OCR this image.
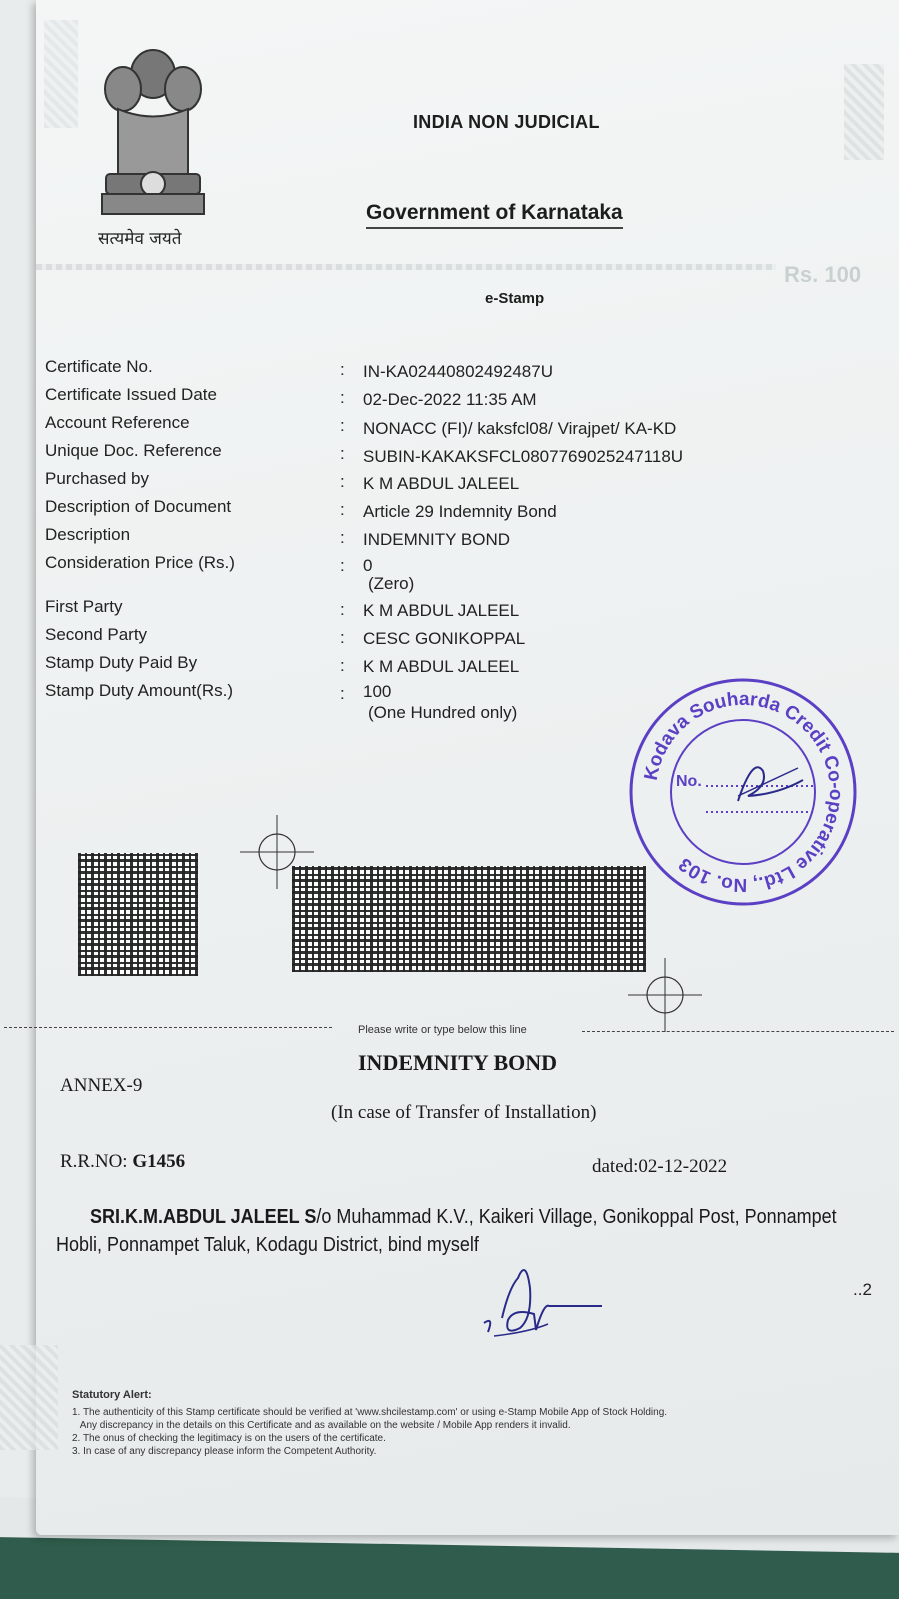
सत्यमेव जयते
INDIA NON JUDICIAL
Government of Karnataka
Rs. 100
e-Stamp
Certificate No.	: IN-KA02440802492487U
Certificate Issued Date	: 02-Dec-2022 11:35 AM
Account Reference	: NONACC (FI)/ kaksfcl08/ Virajpet/ KA-KD
Unique Doc. Reference	: SUBIN-KAKAKSFCL0807769025247118U
Purchased by	: K M ABDUL JALEEL
Description of Document	: Article 29 Indemnity Bond
Description	: INDEMNITY BOND
Consideration Price (Rs.)	: 0
(Zero)
First Party	: K M ABDUL JALEEL
Second Party	: CESC GONIKOPPAL
Stamp Duty Paid By	: K M ABDUL JALEEL
Stamp Duty Amount(Rs.)	: 100
(One Hundred only)
Kodava Souharda Credit Co-operative Ltd., No. 103
No.
Please write or type below this line
INDEMNITY BOND
ANNEX-9
(In case of Transfer of Installation)
R.R.NO: G1456	dated:02-12-2022
SRI.K.M.ABDUL JALEEL S/o Muhammad K.V., Kaikeri Village, Gonikoppal Post, Ponnampet
Hobli, Ponnampet Taluk, Kodagu District, bind myself
..2
Statutory Alert:
1. The authenticity of this Stamp certificate should be verified at 'www.shcilestamp.com' or using e-Stamp Mobile App of Stock Holding.
Any discrepancy in the details on this Certificate and as available on the website / Mobile App renders it invalid.
2. The onus of checking the legitimacy is on the users of the certificate.
3. In case of any discrepancy please inform the Competent Authority.
